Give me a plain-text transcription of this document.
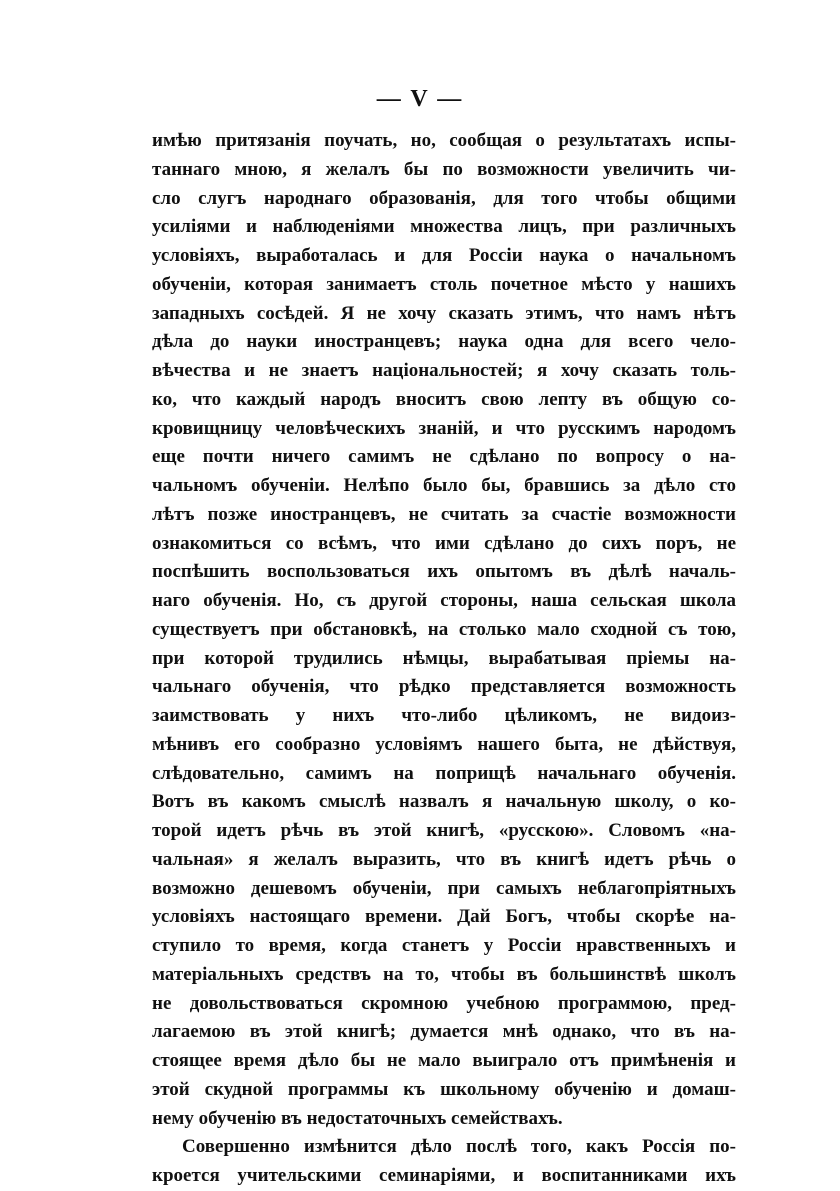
— V —
имѣю притязанія поучать, но, сообщая о результатахъ испы-
таннаго мною, я желалъ бы по возможности увеличить чи-
сло слугъ народнаго образованія, для того чтобы общими
усиліями и наблюденіями множества лицъ, при различныхъ
условіяхъ, выработалась и для Россіи наука о начальномъ
обученіи, которая занимаетъ столь почетное мѣсто у нашихъ
западныхъ сосѣдей. Я не хочу сказать этимъ, что намъ нѣтъ
дѣла до науки иностранцевъ; наука одна для всего чело-
вѣчества и не знаетъ національностей; я хочу сказать толь-
ко, что каждый народъ вноситъ свою лепту въ общую со-
кровищницу человѣческихъ знаній, и что русскимъ народомъ
еще почти ничего самимъ не сдѣлано по вопросу о на-
чальномъ обученіи. Нелѣпо было бы, бравшись за дѣло сто
лѣтъ позже иностранцевъ, не считать за счастіе возможности
ознакомиться со всѣмъ, что ими сдѣлано до сихъ поръ, не
поспѣшить воспользоваться ихъ опытомъ въ дѣлѣ началь-
наго обученія. Но, съ другой стороны, наша сельская школа
существуетъ при обстановкѣ, на столько мало сходной съ тою,
при которой трудились нѣмцы, вырабатывая пріемы на-
чальнаго обученія, что рѣдко представляется возможность
заимствовать у нихъ что-либо цѣликомъ, не видоиз-
мѣнивъ его сообразно условіямъ нашего быта, не дѣйствуя,
слѣдовательно, самимъ на поприщѣ начальнаго обученія.
Вотъ въ какомъ смыслѣ назвалъ я начальную школу, о ко-
торой идетъ рѣчь въ этой книгѣ, «русскою». Словомъ «на-
чальная» я желалъ выразить, что въ книгѣ идетъ рѣчь о
возможно дешевомъ обученіи, при самыхъ неблагопріятныхъ
условіяхъ настоящаго времени. Дай Богъ, чтобы скорѣе на-
ступило то время, когда станетъ у Россіи нравственныхъ и
матеріальныхъ средствъ на то, чтобы въ большинствѣ школъ
не довольствоваться скромною учебною программою, пред-
лагаемою въ этой книгѣ; думается мнѣ однако, что въ на-
стоящее время дѣло бы не мало выиграло отъ примѣненія и
этой скудной программы къ школьному обученію и домаш-
нему обученію въ недостаточныхъ семействахъ.
Совершенно измѣнится дѣло послѣ того, какъ Россія по-
кроется учительскими семинаріями, и воспитанниками ихъ
